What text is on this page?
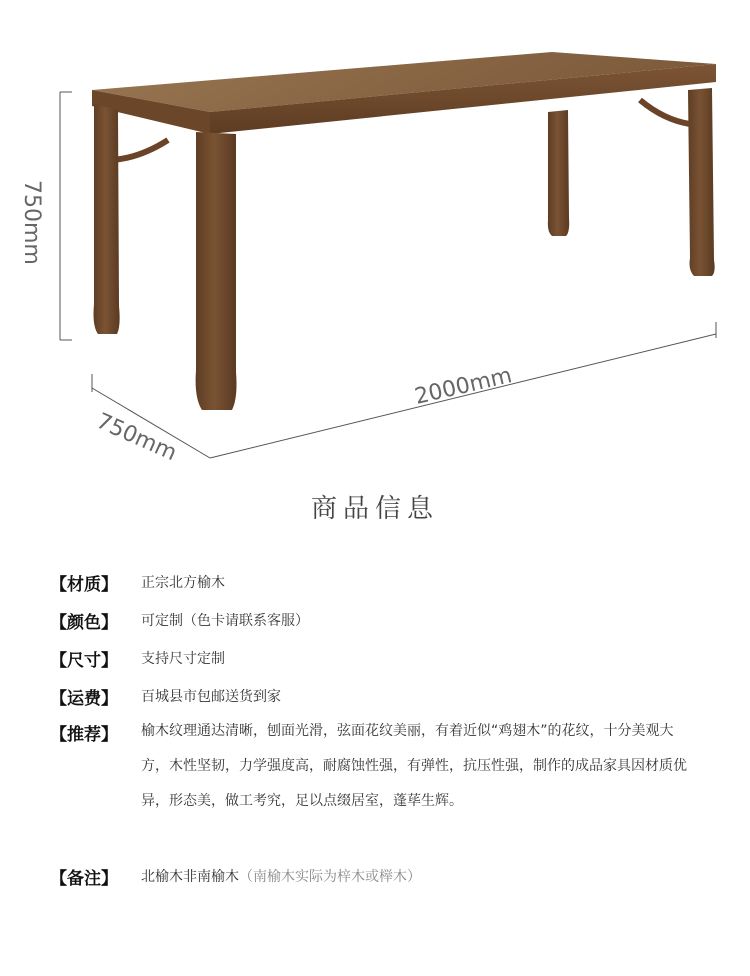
750mm
2000mm
750mm
商品信息
【材质】 正宗北方榆木
【颜色】 可定制（色卡请联系客服）
【尺寸】 支持尺寸定制
【运费】 百城县市包邮送货到家
【推荐】 榆木纹理通达清晰，刨面光滑，弦面花纹美丽，有着近似“鸡翅木”的花纹，十分美观大方，木性坚韧，力学强度高，耐腐蚀性强，有弹性，抗压性强，制作的成品家具因材质优异，形态美，做工考究，足以点缀居室，蓬荜生辉。
【备注】 北榆木非南榆木（南榆木实际为梓木或榉木）
